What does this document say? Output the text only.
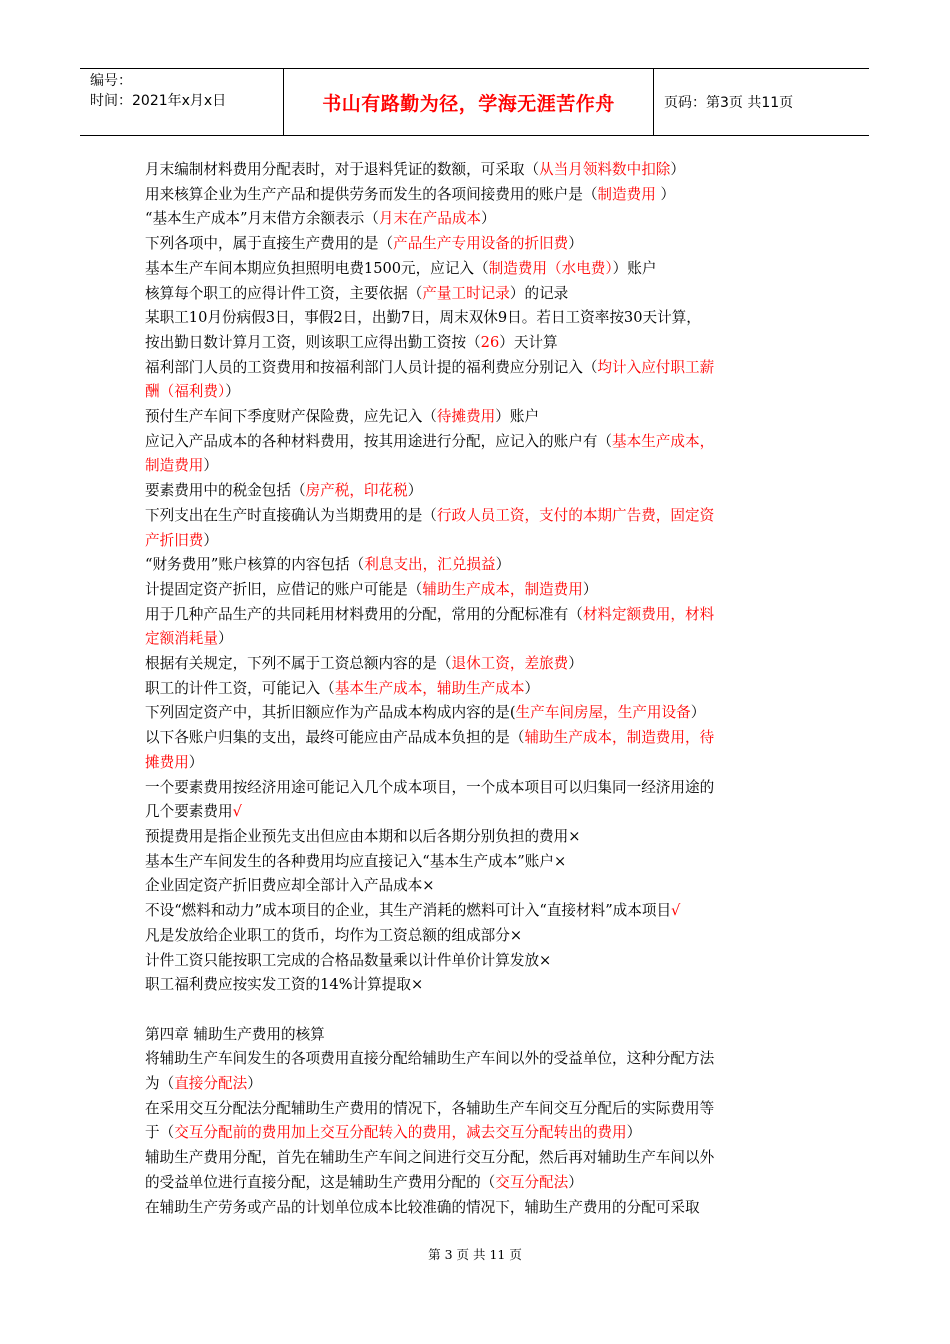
编号：
时间：2021年x月x日	书山有路勤为径，学海无涯苦作舟	页码：第3页 共11页
月末编制材料费用分配表时，对于退料凭证的数额，可采取（从当月领料数中扣除）
用来核算企业为生产产品和提供劳务而发生的各项间接费用的账户是（制造费用 ）
“基本生产成本”月末借方余额表示（月末在产品成本）
下列各项中，属于直接生产费用的是（产品生产专用设备的折旧费）
基本生产车间本期应负担照明电费1500元，应记入（制造费用（水电费））账户
核算每个职工的应得计件工资，主要依据（产量工时记录）的记录
某职工10月份病假3日，事假2日，出勤7日，周末双休9日。若日工资率按30天计算，
按出勤日数计算月工资，则该职工应得出勤工资按（26）天计算
福利部门人员的工资费用和按福利部门人员计提的福利费应分别记入（均计入应付职工薪
酬（福利费））
预付生产车间下季度财产保险费，应先记入（待摊费用）账户
应记入产品成本的各种材料费用，按其用途进行分配，应记入的账户有（基本生产成本，
制造费用）
要素费用中的税金包括（房产税，印花税）
下列支出在生产时直接确认为当期费用的是（行政人员工资，支付的本期广告费，固定资
产折旧费）
“财务费用”账户核算的内容包括（利息支出，汇兑损益）
计提固定资产折旧，应借记的账户可能是（辅助生产成本，制造费用）
用于几种产品生产的共同耗用材料费用的分配，常用的分配标准有（材料定额费用，材料
定额消耗量）
根据有关规定，下列不属于工资总额内容的是（退休工资，差旅费）
职工的计件工资，可能记入（基本生产成本，辅助生产成本）
下列固定资产中，其折旧额应作为产品成本构成内容的是(生产车间房屋，生产用设备）
以下各账户归集的支出，最终可能应由产品成本负担的是（辅助生产成本，制造费用，待
摊费用）
一个要素费用按经济用途可能记入几个成本项目，一个成本项目可以归集同一经济用途的
几个要素费用√
预提费用是指企业预先支出但应由本期和以后各期分别负担的费用×
基本生产车间发生的各种费用均应直接记入“基本生产成本”账户×
企业固定资产折旧费应却全部计入产品成本×
不设“燃料和动力”成本项目的企业，其生产消耗的燃料可计入“直接材料”成本项目√
凡是发放给企业职工的货币，均作为工资总额的组成部分×
计件工资只能按职工完成的合格品数量乘以计件单价计算发放×
职工福利费应按实发工资的14%计算提取×
第四章 辅助生产费用的核算
将辅助生产车间发生的各项费用直接分配给辅助生产车间以外的受益单位，这种分配方法
为（直接分配法）
在采用交互分配法分配辅助生产费用的情况下，各辅助生产车间交互分配后的实际费用等
于（交互分配前的费用加上交互分配转入的费用，减去交互分配转出的费用）
辅助生产费用分配，首先在辅助生产车间之间进行交互分配，然后再对辅助生产车间以外
的受益单位进行直接分配，这是辅助生产费用分配的（交互分配法）
在辅助生产劳务或产品的计划单位成本比较准确的情况下，辅助生产费用的分配可采取
第 3 页 共 11 页
